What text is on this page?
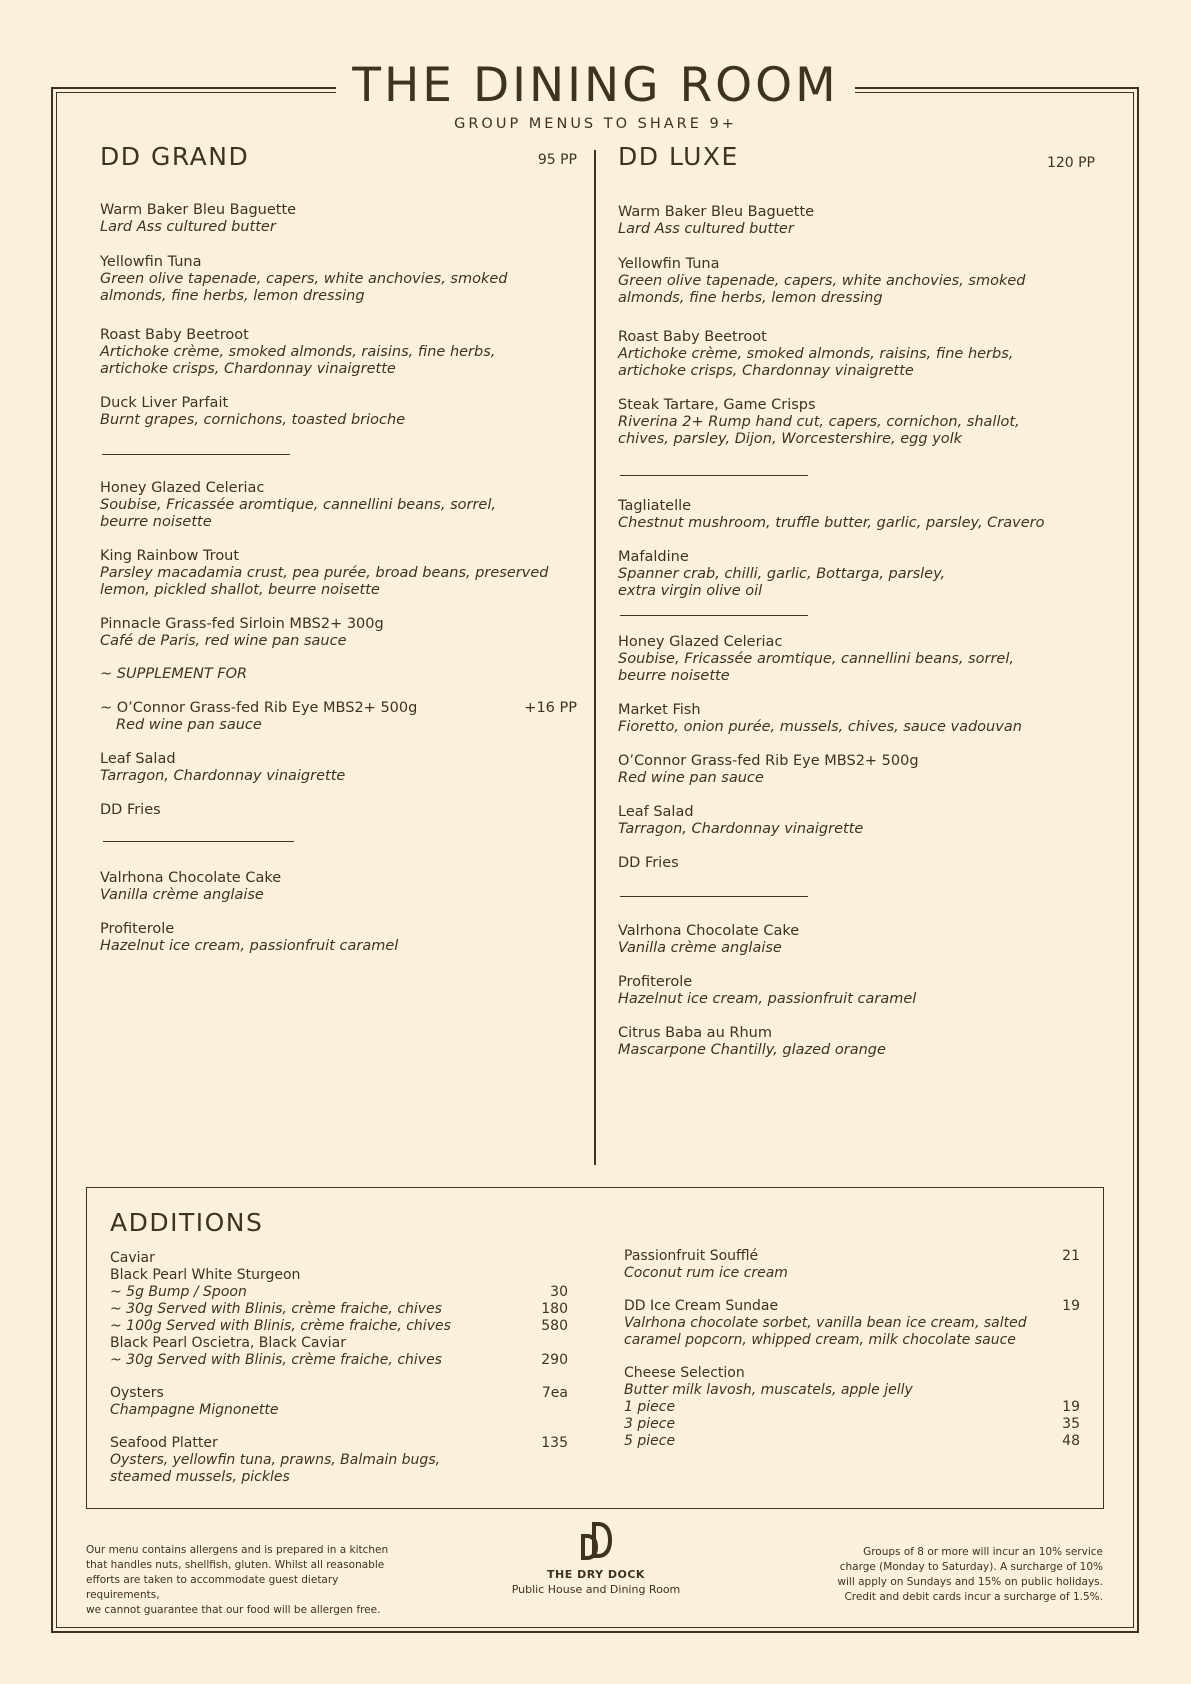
THE DINING ROOM
GROUP MENUS TO SHARE 9+
DD GRAND	95 PP
Warm Baker Bleu Baguette
Lard Ass cultured butter
Yellowfin Tuna
Green olive tapenade, capers, white anchovies, smoked almonds, fine herbs, lemon dressing
Roast Baby Beetroot
Artichoke crème, smoked almonds, raisins, fine herbs,
artichoke crisps, Chardonnay vinaigrette
Duck Liver Parfait
Burnt grapes, cornichons, toasted brioche
Honey Glazed Celeriac
Soubise, Fricassée aromtique, cannellini beans, sorrel,
beurre noisette
King Rainbow Trout
Parsley macadamia crust, pea purée, broad beans, preserved
lemon, pickled shallot, beurre noisette
Pinnacle Grass-fed Sirloin MBS2+ 300g
Café de Paris, red wine pan sauce
~ SUPPLEMENT FOR
~ O’Connor Grass-fed Rib Eye MBS2+ 500g
Red wine pan sauce
+16 PP
Leaf Salad
Tarragon, Chardonnay vinaigrette
DD Fries
Valrhona Chocolate Cake
Vanilla crème anglaise
Profiterole
Hazelnut ice cream, passionfruit caramel
DD LUXE	120 PP
Warm Baker Bleu Baguette
Lard Ass cultured butter
Yellowfin Tuna
Green olive tapenade, capers, white anchovies, smoked almonds, fine herbs, lemon dressing
Roast Baby Beetroot
Artichoke crème, smoked almonds, raisins, fine herbs,
artichoke crisps, Chardonnay vinaigrette
Steak Tartare, Game Crisps
Riverina 2+ Rump hand cut, capers, cornichon, shallot,
chives, parsley, Dijon, Worcestershire, egg yolk
Tagliatelle
Chestnut mushroom, truffle butter, garlic, parsley, Cravero
Mafaldine
Spanner crab, chilli, garlic, Bottarga, parsley,
extra virgin olive oil
Honey Glazed Celeriac
Soubise, Fricassée aromtique, cannellini beans, sorrel,
beurre noisette
Market Fish
Fioretto, onion purée, mussels, chives, sauce vadouvan
O’Connor Grass-fed Rib Eye MBS2+ 500g
Red wine pan sauce
Leaf Salad
Tarragon, Chardonnay vinaigrette
DD Fries
Valrhona Chocolate Cake
Vanilla crème anglaise
Profiterole
Hazelnut ice cream, passionfruit caramel
Citrus Baba au Rhum
Mascarpone Chantilly, glazed orange
ADDITIONS
Caviar
Black Pearl White Sturgeon
~ 5g Bump / Spoon	30
~ 30g Served with Blinis, crème fraiche, chives	180
~ 100g Served with Blinis, crème fraiche, chives	580
Black Pearl Oscietra, Black Caviar
~ 30g Served with Blinis, crème fraiche, chives	290
Oysters	7ea
Champagne Mignonette
Seafood Platter	135
Oysters, yellowfin tuna, prawns, Balmain bugs,
steamed mussels, pickles
Passionfruit Soufflé	21
Coconut rum ice cream
DD Ice Cream Sundae	19
Valrhona chocolate sorbet, vanilla bean ice cream, salted
caramel popcorn, whipped cream, milk chocolate sauce
Cheese Selection
Butter milk lavosh, muscatels, apple jelly
1 piece	19
3 piece	35
5 piece	48
Our menu contains allergens and is prepared in a kitchen
that handles nuts, shellfish, gluten. Whilst all reasonable
efforts are taken to accommodate guest dietary requirements,
we cannot guarantee that our food will be allergen free.
THE DRY DOCK
Public House and Dining Room
Groups of 8 or more will incur an 10% service
charge (Monday to Saturday). A surcharge of 10%
will apply on Sundays and 15% on public holidays.
Credit and debit cards incur a surcharge of 1.5%.
